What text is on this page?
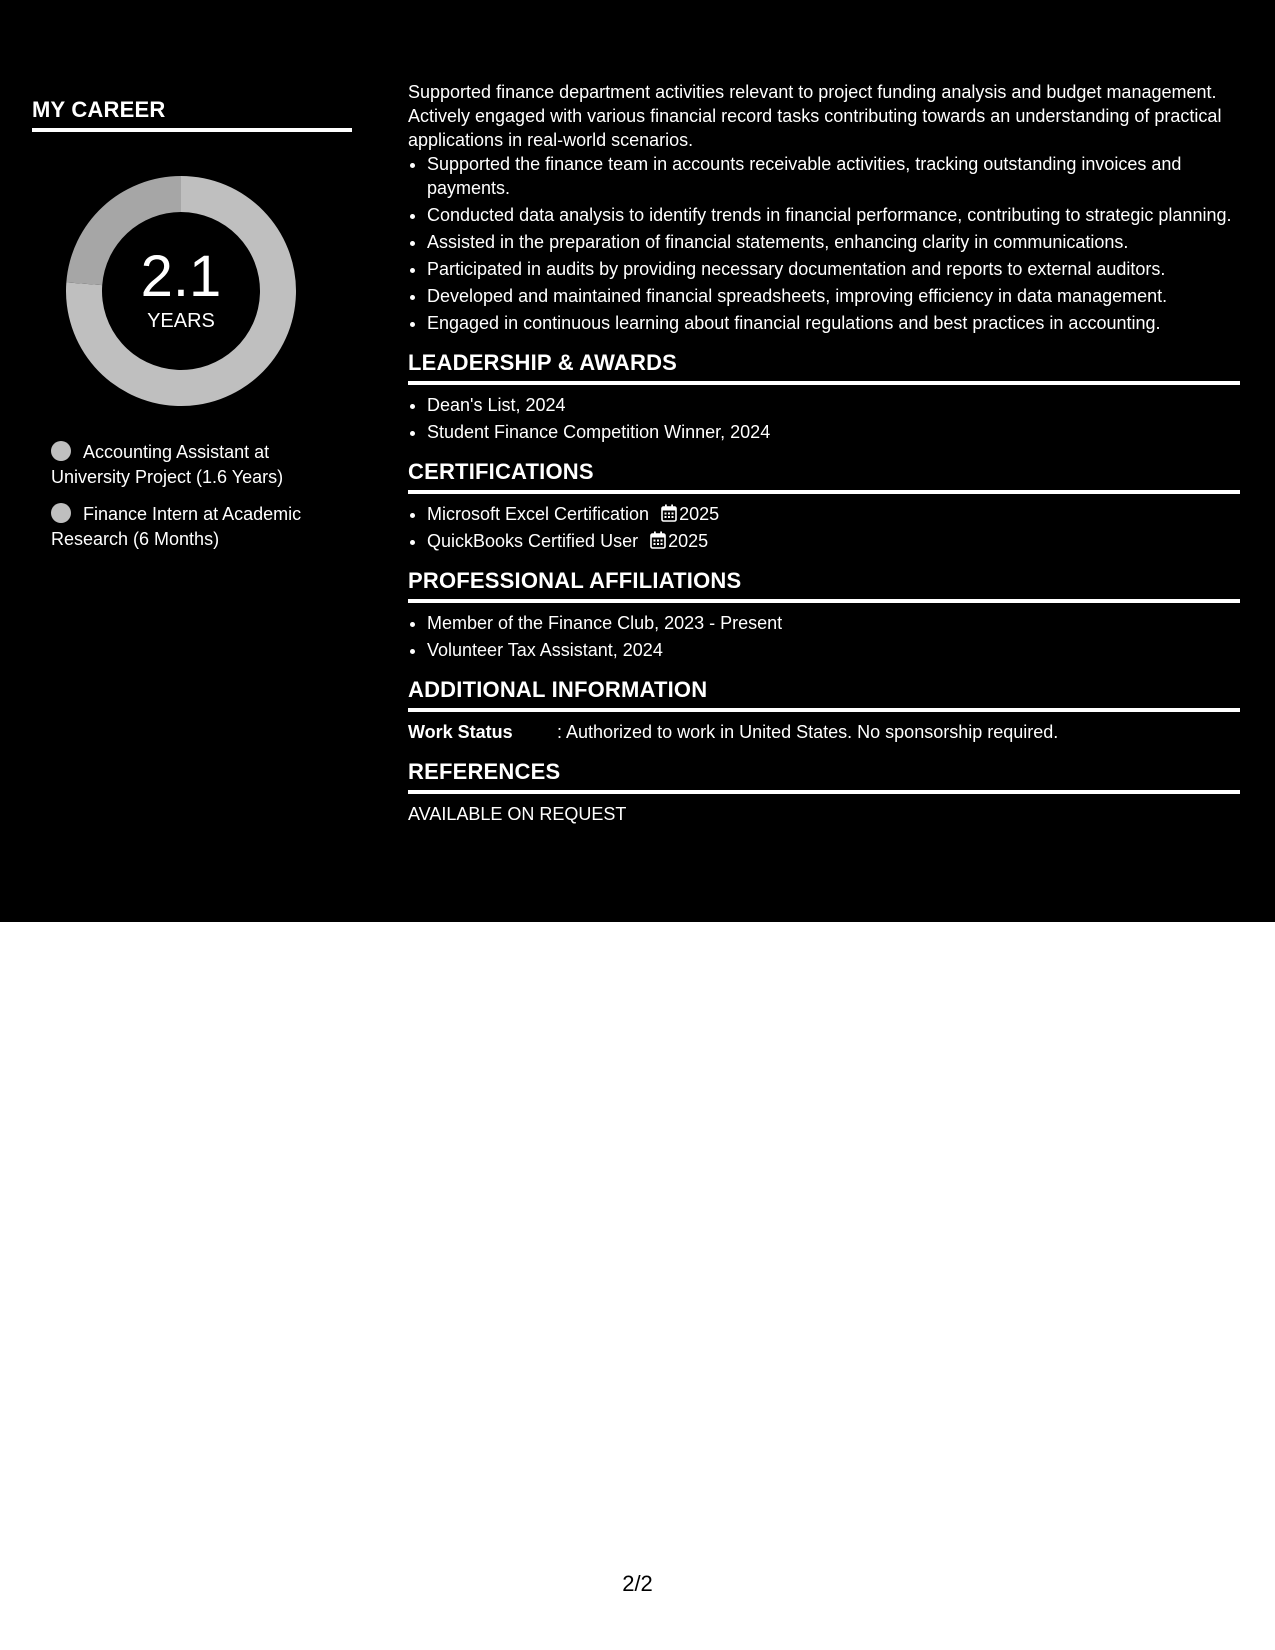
MY CAREER
2.1
YEARS
Accounting Assistant at University Project (1.6 Years)
Finance Intern at Academic Research (6 Months)

Supported finance department activities relevant to project funding analysis and budget management. Actively engaged with various financial record tasks contributing towards an understanding of practical applications in real-world scenarios.

• Supported the finance team in accounts receivable activities, tracking outstanding invoices and payments.
• Conducted data analysis to identify trends in financial performance, contributing to strategic planning.
• Assisted in the preparation of financial statements, enhancing clarity in communications.
• Participated in audits by providing necessary documentation and reports to external auditors.
• Developed and maintained financial spreadsheets, improving efficiency in data management.
• Engaged in continuous learning about financial regulations and best practices in accounting.
LEADERSHIP & AWARDS
• Dean's List, 2024
• Student Finance Competition Winner, 2024
CERTIFICATIONS
• Microsoft Excel Certification 2025
• QuickBooks Certified User 2025
PROFESSIONAL AFFILIATIONS
• Member of the Finance Club, 2023 - Present
• Volunteer Tax Assistant, 2024
ADDITIONAL INFORMATION
Work Status	: Authorized to work in United States. No sponsorship required.
REFERENCES
AVAILABLE ON REQUEST
2/2
